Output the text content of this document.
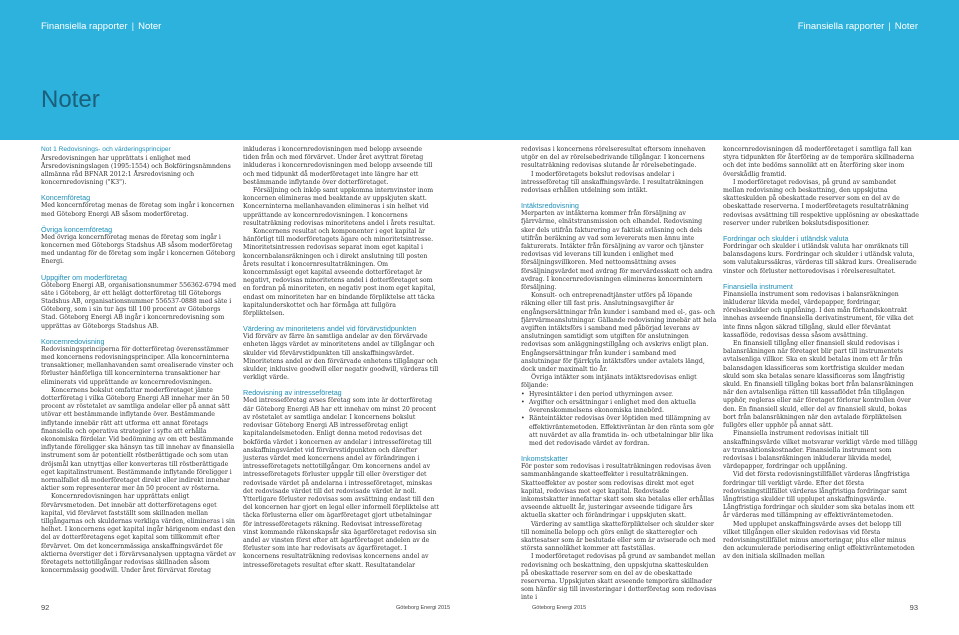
Finansiella rapporter | Noter	Finansiella rapporter | Noter
Noter
Not 1 Redovisnings- och värderingsprinciper

Årsredovisningen har upprättats i enlighet med Årsredovisningslagen (1995:1554) och Bokföringsnämndens allmänna råd BFNAR 2012:1 Årsredovisning och koncernredovisning ("K3").

Koncernföretag

Med koncernföretag menas de företag som ingår i koncernen med Göteborg Energi AB såsom moderföretag.

Övriga koncernföretag

Med övriga koncernföretag menas de företag som ingår i koncernen med Göteborgs Stadshus AB såsom moderföretag med undantag för de företag som ingår i koncernen Göteborg Energi.

Uppgifter om moderföretag

Göteborg Energi AB, organisationsnummer 556362-6794 med säte i Göteborg, är ett helägt dotterföretag till Göteborgs Stadshus AB, organisationsnummer 556537-0888 med säte i Göteborg, som i sin tur ägs till 100 procent av Göteborgs Stad. Göteborg Energi AB ingår i koncernredovisning som upprättas av Göteborgs Stadshus AB.

Koncernredovisning

Redovisningsprinciperna för dotterföretag överensstämmer med koncernens redovisningsprinciper. Alla koncerninterna transaktioner, mellanhavanden samt orealiserade vinster och förluster hänförliga till koncerninterna transaktioner har eliminerats vid upprättande av koncernredovisningen.

Koncernens bokslut omfattar moderföretaget jämte dotterföretag i vilka Göteborg Energi AB innehar mer än 50 procent av röstetalet av samtliga andelar eller på annat sätt utövar ett bestämmande inflytande över. Bestämmande inflytande innebär rätt att utforma ett annat företags finansiella och operativa strategier i syfte att erhålla ekonomiska fördelar. Vid bedömning av om ett bestämmande inflytande föreligger ska hänsyn tas till innehav av finansiella instrument som är potentiellt röstberättigade och som utan dröjsmål kan utnyttjas eller konverteras till röstberättigade eget kapitalinstrument. Bestämmande inflytande föreligger i normalfallet då moderföretaget direkt eller indirekt innehar aktier som representerar mer än 50 procent av rösterna.

Koncernredovisningen har upprättats enligt förvärvsmetoden. Det innebär att dotterföretagens eget kapital, vid förvärvet fastställt som skillnaden mellan tillgångarnas och skuldernas verkliga värden, elimineras i sin helhet. I koncernens eget kapital ingår härigenom endast den del av dotterföretagens eget kapital som tillkommit efter förvärvet. Om det koncernmässiga anskaffningsvärdet för aktierna överstiger det i förvärvsanalysen upptagna värdet av företagets nettotillgångar redovisas skillnaden såsom koncernmässig goodwill. Under året förvärvat företag

inkluderas i koncernredovisningen med belopp avseende tiden från och med förvärvet. Under året avyttrat företag inkluderas i koncernredovisningen med belopp avseende till och med tidpunkt då moderföretaget inte längre har ett bestämmande inflytande över dotterföretaget.

Försäljning och inköp samt uppkomna internvinster inom koncernen elimineras med beaktande av uppskjuten skatt. Koncerninterna mellanhavanden elimineras i sin helhet vid upprättande av koncernredovisningen. I koncernens resultaträkning redovisas minoritetens andel i årets resultat.

Koncernens resultat och komponenter i eget kapital är hänförligt till moderföretagets ägare och minoritetsintresse. Minoritetsintressen redovisas separat inom eget kapital i koncernbalansräkningen och i direkt anslutning till posten årets resultat i koncernresultaträkningen. Om koncernmässigt eget kapital avseende dotterföretaget är negativt, redovisas minoritetens andel i dotterföretaget som en fordran på minoriteten, en negativ post inom eget kapital, endast om minoriteten har en bindande förpliktelse att täcka kapitalunderskottet och har förmåga att fullgöra förpliktelsen.

Värdering av minoritetens andel vid förvärvstidpunkten

Vid förvärv av färre än samtliga andelar av den förvärvade enheten läggs värdet av minoritetens andel av tillgångar och skulder vid förvärvstidpunkten till anskaffningsvärdet. Minoritetens andel av den förvärvade enhetens tillgångar och skulder, inklusive goodwill eller negativ goodwill, värderas till verkligt värde.

Redovisning av intresseföretag

Med intresseföretag avses företag som inte är dotterföretag där Göteborg Energi AB har ett innehav om minst 20 procent av röstetalet av samtliga andelar. I koncernens bokslut redovisar Göteborg Energi AB intresseföretag enligt kapitalandelsmetoden. Enligt denna metod redovisas det bokförda värdet i koncernen av andelar i intresseföretag till anskaffningsvärdet vid förvärvstidpunkten och därefter justeras värdet med koncernens andel av förändringen i intresseföretagets nettotillgångar. Om koncernens andel av intresseföretagets förluster uppgår till eller överstiger det redovisade värdet på andelarna i intresseföretaget, minskas det redovisade värdet till det redovisade värdet är noll. Ytterligare förluster redovisas som avsättning endast till den del koncernen har gjort en legal eller informell förpliktelse att täcka förlusterna eller om ägarföretaget gjort utbetalningar för intresseföretagets räkning. Redovisat intresseföretag vinst kommande räkenskapsår ska ägarföretaget redovisa sin andel av vinsten först efter att ägarföretaget andelen av de förluster som inte har redovisats av ägarföretaget. I koncernens resultaträkning redovisas koncernens andel av intresseföretagets resultat efter skatt. Resultatandelar

redovisas i koncernens rörelseresultat eftersom innehaven utgör en del av rörelsebedrivande tillgångar. I koncernens resultaträkning redovisas slutande år rörelsebetingade.

I moderföretagets bokslut redovisas andelar i intresseföretag till anskaffningsvärde. I resultaträkningen redovisas erhållen utdelning som intäkt.

Intäktsredovisning

Merparten av intäkterna kommer från försäljning av fjärrvärme, elnätstransmission och elhandel. Redovisning sker dels utifrån fakturering av faktisk avläsning och dels utifrån beräkning av vad som levererats men ännu inte fakturerats. Intäkter från försäljning av varor och tjänster redovisas vid leverans till kunden i enlighet med försäljningsvillkoren. Med nettoomsättning avses försäljningsvärdet med avdrag för mervärdesskatt och andra avdrag. I koncernredovisningen elimineras koncernintern försäljning.

Konsult- och entreprenadtjänster utförs på löpande räkning eller till fast pris. Anslutningsavgifter är engångsersättningar från kunder i samband med el-, gas- och fjärrvärmeanslutningar. Gällande redovisning innebär att hela avgiften intäktsförs i samband med påbörjad leverans av anslutningen samtidigt som utgiften för anslutningen redovisas som anläggningstillgång och avskrivs enligt plan. Engångsersättningar från kunder i samband med anslutningar för fjärrkyla intäktsförs under avtalets längd, dock under maximalt tio år.

Övriga intäkter som intjänats intäktsredovisas enligt följande:

• Hyresintäkter i den period uthyrningen avser.
• Avgifter och ersättningar i enlighet med den aktuella överenskommelsens ekonomiska innebörd.
• Ränteintäkter redovisas över löptiden med tillämpning av effektivräntemetoden. Effektivräntan är den ränta som gör att nuvärdet av alla framtida in- och utbetalningar blir lika med det redovisade värdet av fordran.
Inkomstskatter

För poster som redovisas i resultaträkningen redovisas även sammanhängande skatteeffekter i resultaträkningen. Skatteeffekter av poster som redovisas direkt mot eget kapital, redovisas mot eget kapital. Redovisade inkomstskatter innefattar skatt som ska betalas eller erhållas avseende aktuellt år, justeringar avseende tidigare års aktuella skatter och förändringar i uppskjuten skatt.

Värdering av samtliga skatteförpliktelser och skulder sker till nominella belopp och görs enligt de skatteregler och skattesatser som är beslutade eller som är aviserade och med största sannolikhet kommer att fastställas.

I moderföretaget redovisas på grund av sambandet mellan redovisning och beskattning, den uppskjutna skatteskulden på obeskattade reserver som en del av de obeskattade reserverna. Uppskjuten skatt avseende temporära skillnader som hänför sig till investeringar i dotterföretag som redovisas inte i

koncernredovisningen då moderföretaget i samtliga fall kan styra tidpunkten för återföring av de temporära skillnaderna och det inte bedöms sannolikt att en återföring sker inom överskådlig framtid.

I moderföretaget redovisas, på grund av sambandet mellan redovisning och beskattning, den uppskjutna skatteskulden på obeskattade reserver som en del av de obeskattade reserverna. I moderföretagets resultaträkning redovisas avsättning till respektive upplösning av obeskattade reserver under rubriken bokslutsdispositioner.

Fordringar och skulder i utländsk valuta

Fordringar och skulder i utländsk valuta har omräknats till balansdagens kurs. Fordringar och skulder i utländsk valuta, som valutakurssäkras, värderas till säkrad kurs. Orealiserade vinster och förluster nettoredovisas i rörelseresultatet.

Finansiella instrument

Finansiella instrument som redovisas i balansräkningen inkluderar likvida medel, värdepapper, fordringar, rörelseskulder och upplåning. I den mån förhandskontrakt innehas avseende finansiella derivatinstrument, för vilka det inte finns någon säkrad tillgång, skuld eller förväntat kassaflöde, redovisas dessa såsom avsättning.

En finansiell tillgång eller finansiell skuld redovisas i balansräkningen när företaget blir part till instrumentets avtalsenliga villkor. Ska en skuld betalas inom ett år från balansdagen klassificeras som kortfristiga skulder medan skuld som ska betalas senare klassificeras som långfristig skuld. En finansiell tillgång bokas bort från balansräkningen när den avtalsenliga rätten till kassaflödet från tillgången upphör, regleras eller när företaget förlorar kontrollen över den. En finansiell skuld, eller del av finansiell skuld, bokas bort från balansräkningen när den avtalade förpliktelsen fullgörs eller upphör på annat sätt.

Finansiella instrument redovisas initialt till anskaffningsvärde vilket motsvarar verkligt värde med tillägg av transaktionskostnader. Finansiella instrument som redovisas i balansräkningen inkluderar likvida medel, värdepapper, fordringar och upplåning.

Vid det första redovisningstillfället värderas långfristiga fordringar till verkligt värde. Efter det första redovisningstillfället värderas långfristiga fordringar samt långfristiga skulder till upplupet anskaffningsvärde. Långfristiga fordringar och skulder som ska betalas inom ett år värderas med tillämpning av effektivräntemetoden.

Med upplupet anskaffningsvärde avses det belopp till vilket tillgången eller skulden redovisas vid första redovisningstillfället minus amorteringar, plus eller minus den ackumulerade periodisering enligt effektivräntemetoden av den initiala skillnaden mellan

92	Göteborg Energi 2015	Göteborg Energi 2015	93
